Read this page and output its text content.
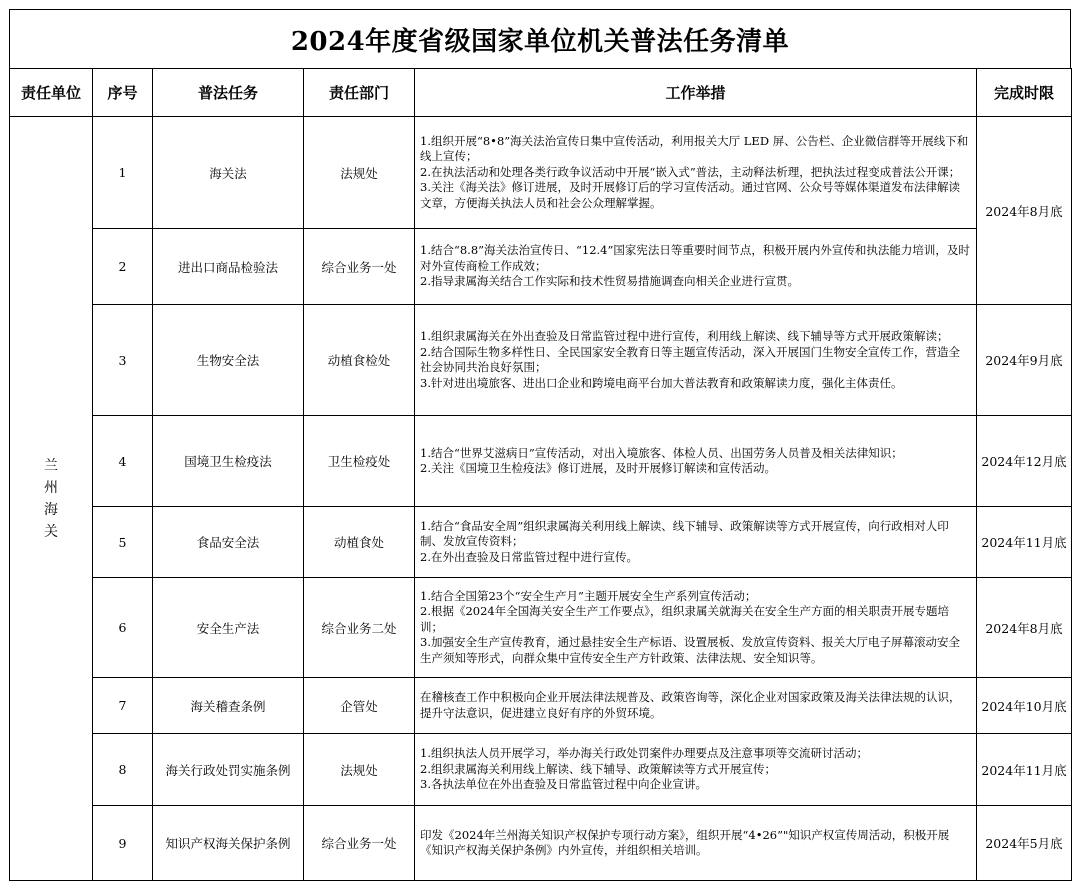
2024年度省级国家单位机关普法任务清单
责任单位	序号	普法任务	责任部门	工作举措	完成时限
兰州海关	1	海关法	法规处	1.组织开展“8•8”海关法治宣传日集中宣传活动，利用报关大厅 LED 屏、公告栏、企业微信群等开展线下和线上宣传；
2.在执法活动和处理各类行政争议活动中开展“嵌入式”普法，主动释法析理，把执法过程变成普法公开课；
3.关注《海关法》修订进展，及时开展修订后的学习宣传活动。通过官网、公众号等媒体渠道发布法律解读文章，方便海关执法人员和社会公众理解掌握。	2024年8月底
	2	进出口商品检验法	综合业务一处	1.结合“8.8”海关法治宣传日、“12.4”国家宪法日等重要时间节点，积极开展内外宣传和执法能力培训，及时对外宣传商检工作成效；
2.指导隶属海关结合工作实际和技术性贸易措施调查向相关企业进行宣贯。	

	3	生物安全法	动植食检处	1.组织隶属海关在外出查验及日常监管过程中进行宣传，利用线上解读、线下辅导等方式开展政策解读；
2.结合国际生物多样性日、全民国家安全教育日等主题宣传活动，深入开展国门生物安全宣传工作，营造全社会协同共治良好氛围；
3.针对进出境旅客、进出口企业和跨境电商平台加大普法教育和政策解读力度，强化主体责任。	2024年9月底
	4	国境卫生检疫法	卫生检疫处	1.结合“世界艾滋病日”宣传活动，对出入境旅客、体检人员、出国劳务人员普及相关法律知识；
2.关注《国境卫生检疫法》修订进展，及时开展修订解读和宣传活动。	2024年12月底
	5	食品安全法	动植食处	1.结合“食品安全周”组织隶属海关利用线上解读、线下辅导、政策解读等方式开展宣传，向行政相对人印制、发放宣传资料；
2.在外出查验及日常监管过程中进行宣传。	2024年11月底
	6	安全生产法	综合业务二处	1.结合全国第23个“安全生产月”主题开展安全生产系列宣传活动；
2.根据《2024年全国海关安全生产工作要点》，组织隶属关就海关在安全生产方面的相关职责开展专题培训；
3.加强安全生产宣传教育，通过悬挂安全生产标语、设置展板、发放宣传资料、报关大厅电子屏幕滚动安全生产须知等形式，向群众集中宣传安全生产方针政策、法律法规、安全知识等。	2024年8月底
	7	海关稽查条例	企管处	在稽核查工作中积极向企业开展法律法规普及、政策咨询等，深化企业对国家政策及海关法律法规的认识，提升守法意识，促进建立良好有序的外贸环境。	2024年10月底
	8	海关行政处罚实施条例	法规处	1.组织执法人员开展学习，举办海关行政处罚案件办理要点及注意事项等交流研讨活动；
2.组织隶属海关利用线上解读、线下辅导、政策解读等方式开展宣传；
3.各执法单位在外出查验及日常监管过程中向企业宣讲。	2024年11月底
	9	知识产权海关保护条例	综合业务一处	印发《2024年兰州海关知识产权保护专项行动方案》，组织开展“4•26”"知识产权宣传周活动，积极开展《知识产权海关保护条例》内外宣传，并组织相关培训。	2024年5月底
